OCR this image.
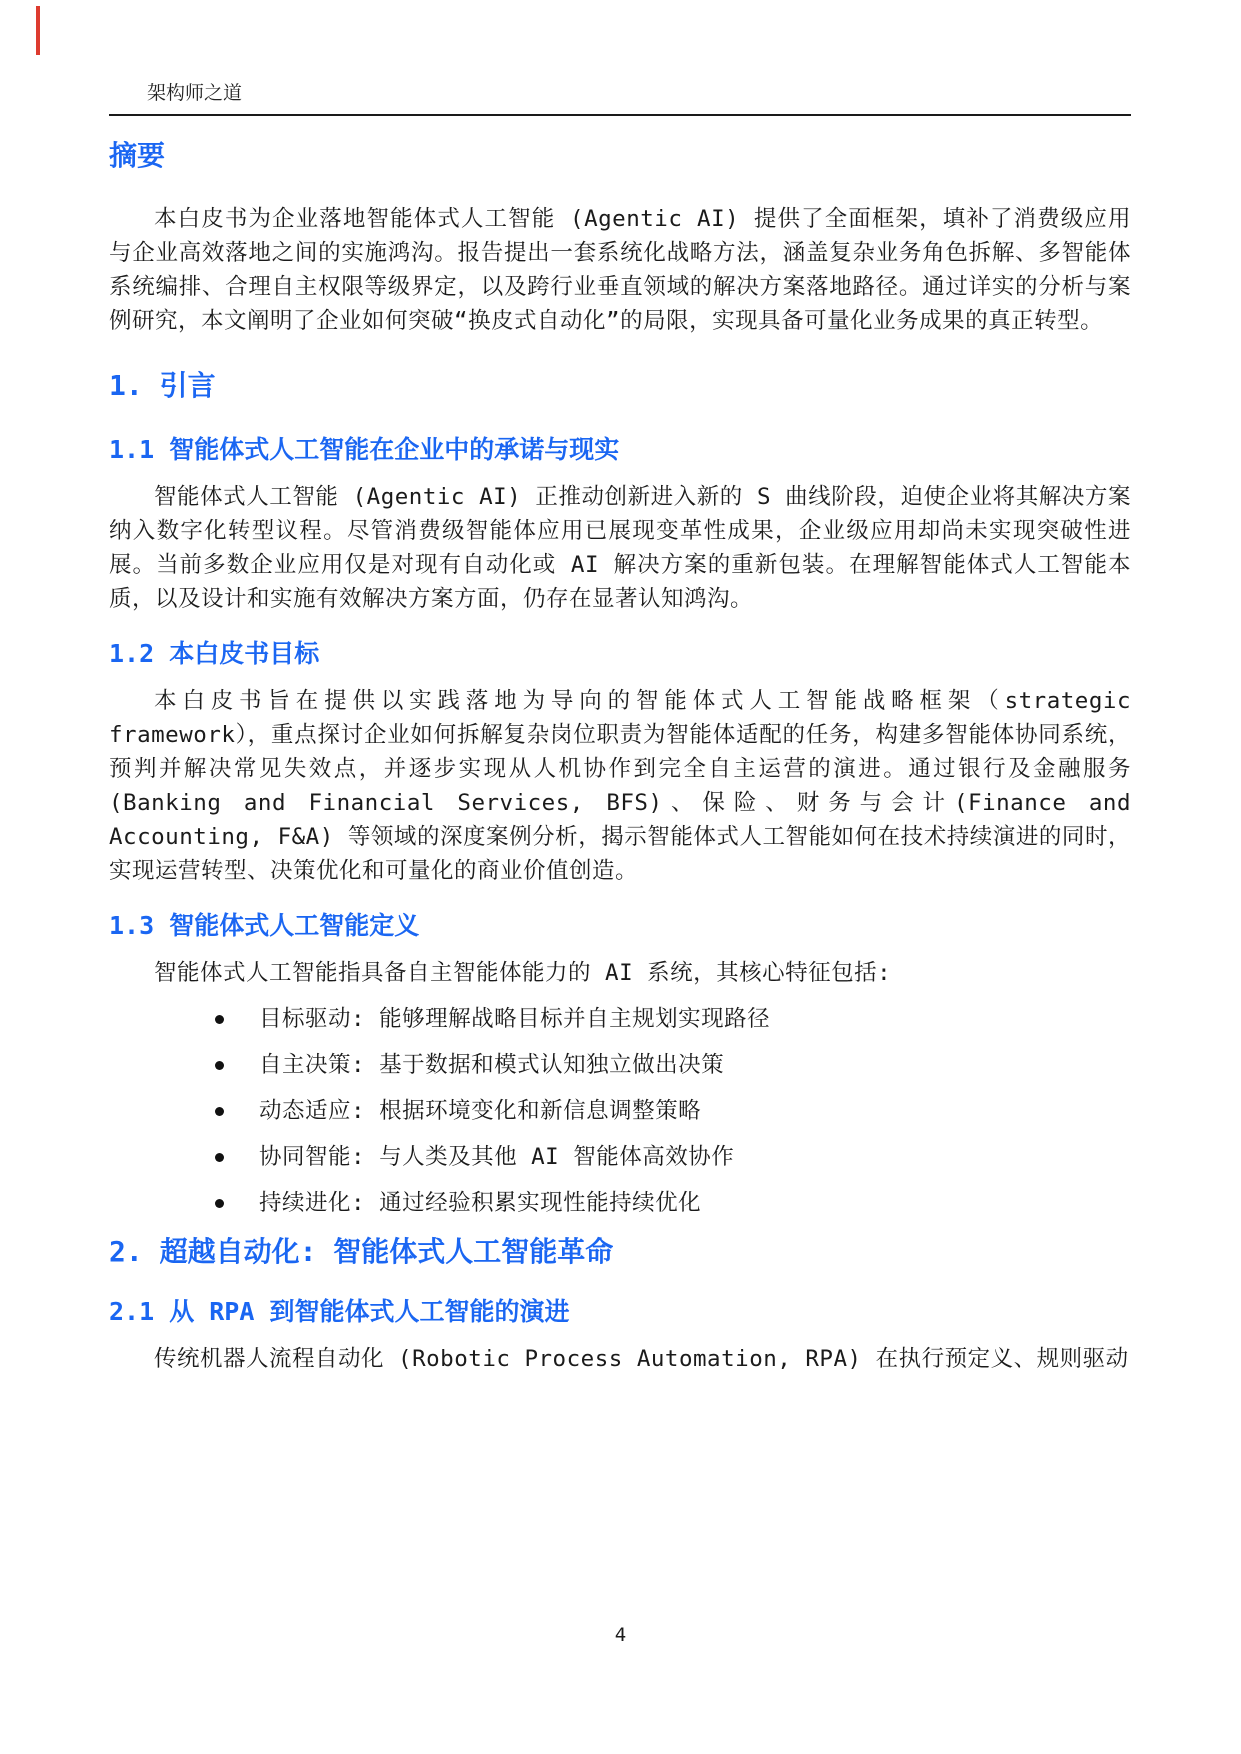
架构师之道
摘要

本白皮书为企业落地智能体式人工智能 (Agentic AI) 提供了全面框架，填补了消费级应用与企业高效落地之间的实施鸿沟。报告提出一套系统化战略方法，涵盖复杂业务角色拆解、多智能体系统编排、合理自主权限等级界定，以及跨行业垂直领域的解决方案落地路径。通过详实的分析与案例研究，本文阐明了企业如何突破“换皮式自动化”的局限，实现具备可量化业务成果的真正转型。

1. 引言
1.1 智能体式人工智能在企业中的承诺与现实

智能体式人工智能 (Agentic AI) 正推动创新进入新的 S 曲线阶段，迫使企业将其解决方案纳入数字化转型议程。尽管消费级智能体应用已展现变革性成果，企业级应用却尚未实现突破性进展。当前多数企业应用仅是对现有自动化或 AI 解决方案的重新包装。在理解智能体式人工智能本质，以及设计和实施有效解决方案方面，仍存在显著认知鸿沟。

1.2 本白皮书目标

本白皮书旨在提供以实践落地为导向的智能体式人工智能战略框架（strategic framework），重点探讨企业如何拆解复杂岗位职责为智能体适配的任务，构建多智能体协同系统，预判并解决常见失效点，并逐步实现从人机协作到完全自主运营的演进。通过银行及金融服务(Banking and Financial Services, BFS)、保险、财务与会计(Finance and Accounting, F&A) 等领域的深度案例分析，揭示智能体式人工智能如何在技术持续演进的同时，实现运营转型、决策优化和可量化的商业价值创造。

1.3 智能体式人工智能定义

智能体式人工智能指具备自主智能体能力的 AI 系统，其核心特征包括:

目标驱动: 能够理解战略目标并自主规划实现路径
自主决策: 基于数据和模式认知独立做出决策
动态适应: 根据环境变化和新信息调整策略
协同智能: 与人类及其他 AI 智能体高效协作
持续进化: 通过经验积累实现性能持续优化
2. 超越自动化: 智能体式人工智能革命
2.1 从 RPA 到智能体式人工智能的演进

传统机器人流程自动化 (Robotic Process Automation, RPA) 在执行预定义、规则驱动

4
